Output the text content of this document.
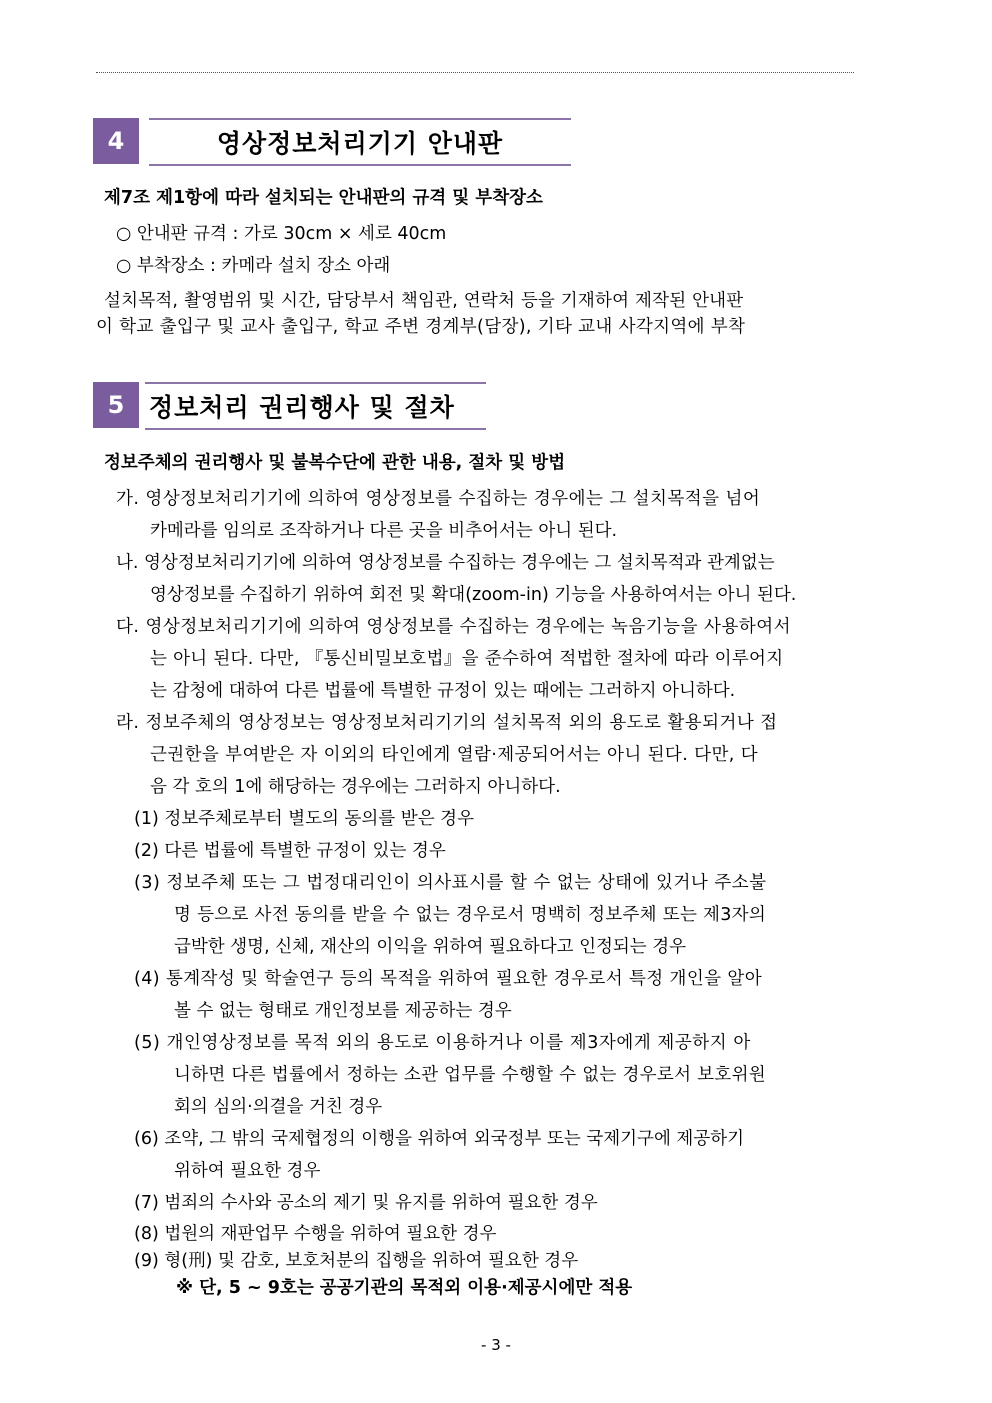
4	영상정보처리기기 안내판
제7조 제1항에 따라 설치되는 안내판의 규격 및 부착장소
○ 안내판 규격 : 가로 30cm × 세로 40cm
○ 부착장소 : 카메라 설치 장소 아래
설치목적, 촬영범위 및 시간, 담당부서 책임관, 연락처 등을 기재하여 제작된 안내판
이 학교 출입구 및 교사 출입구, 학교 주변 경계부(담장), 기타 교내 사각지역에 부착
5 정보처리 권리행사 및 절차
정보주체의 권리행사 및 불복수단에 관한 내용, 절차 및 방법
가. 영상정보처리기기에 의하여 영상정보를 수집하는 경우에는 그 설치목적을 넘어
카메라를 임의로 조작하거나 다른 곳을 비추어서는 아니 된다.
나. 영상정보처리기기에 의하여 영상정보를 수집하는 경우에는 그 설치목적과 관계없는
영상정보를 수집하기 위하여 회전 및 확대(zoom-in) 기능을 사용하여서는 아니 된다.
다. 영상정보처리기기에 의하여 영상정보를 수집하는 경우에는 녹음기능을 사용하여서
는 아니 된다. 다만, 『통신비밀보호법』을 준수하여 적법한 절차에 따라 이루어지
는 감청에 대하여 다른 법률에 특별한 규정이 있는 때에는 그러하지 아니하다.
라. 정보주체의 영상정보는 영상정보처리기기의 설치목적 외의 용도로 활용되거나 접
근권한을 부여받은 자 이외의 타인에게 열람·제공되어서는 아니 된다. 다만, 다
음 각 호의 1에 해당하는 경우에는 그러하지 아니하다.
(1) 정보주체로부터 별도의 동의를 받은 경우
(2) 다른 법률에 특별한 규정이 있는 경우
(3) 정보주체 또는 그 법정대리인이 의사표시를 할 수 없는 상태에 있거나 주소불
명 등으로 사전 동의를 받을 수 없는 경우로서 명백히 정보주체 또는 제3자의
급박한 생명, 신체, 재산의 이익을 위하여 필요하다고 인정되는 경우
(4) 통계작성 및 학술연구 등의 목적을 위하여 필요한 경우로서 특정 개인을 알아
볼 수 없는 형태로 개인정보를 제공하는 경우
(5) 개인영상정보를 목적 외의 용도로 이용하거나 이를 제3자에게 제공하지 아
니하면 다른 법률에서 정하는 소관 업무를 수행할 수 없는 경우로서 보호위원
회의 심의·의결을 거친 경우
(6) 조약, 그 밖의 국제협정의 이행을 위하여 외국정부 또는 국제기구에 제공하기
위하여 필요한 경우
(7) 범죄의 수사와 공소의 제기 및 유지를 위하여 필요한 경우
(8) 법원의 재판업무 수행을 위하여 필요한 경우
(9) 형(刑) 및 감호, 보호처분의 집행을 위하여 필요한 경우
※ 단, 5 ~ 9호는 공공기관의 목적외 이용·제공시에만 적용
- 3 -
